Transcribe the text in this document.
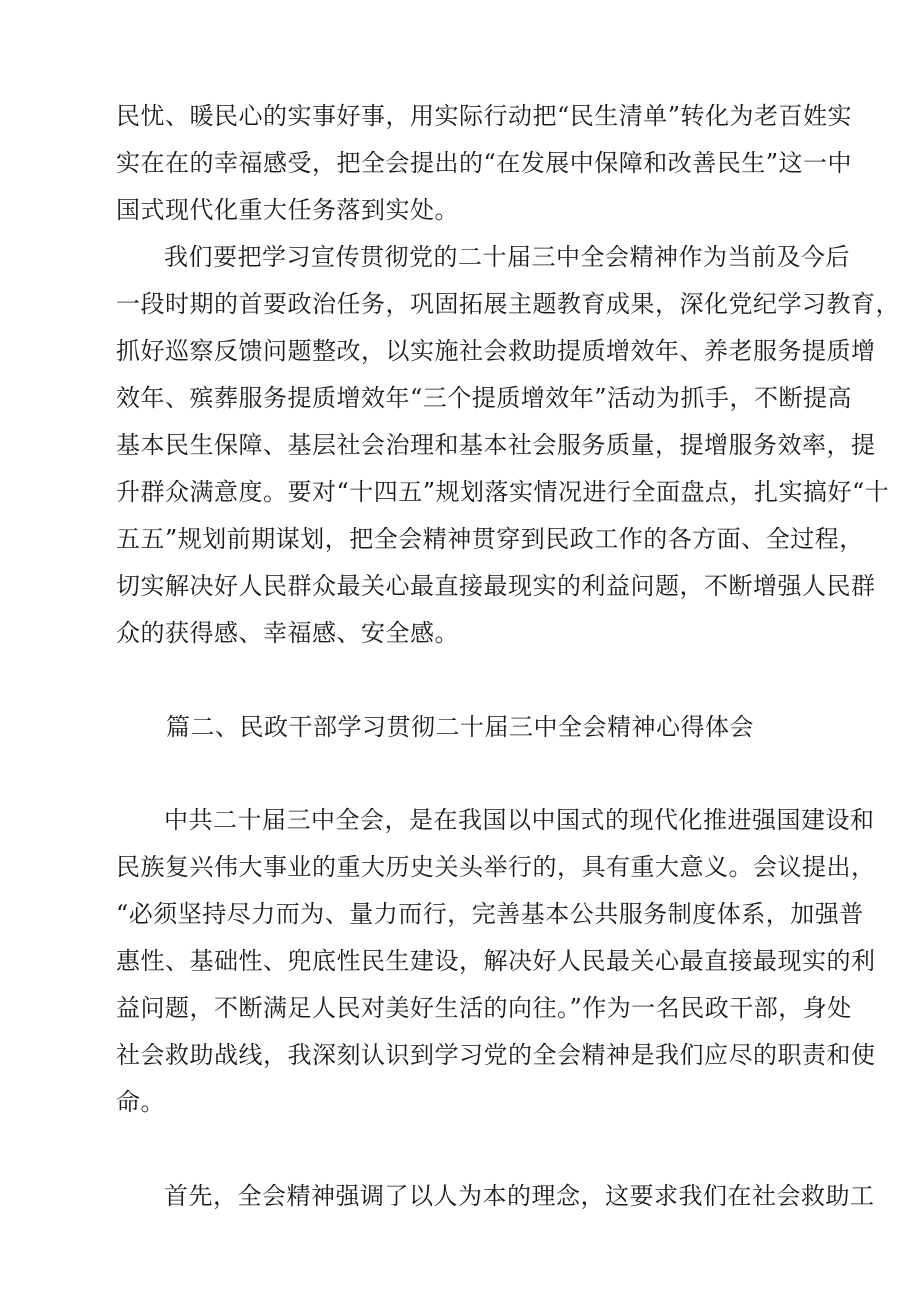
民忧、暖民心的实事好事，用实际行动把“民生清单”转化为老百姓实
实在在的幸福感受，把全会提出的“在发展中保障和改善民生”这一中
国式现代化重大任务落到实处。
我们要把学习宣传贯彻党的二十届三中全会精神作为当前及今后
一段时期的首要政治任务，巩固拓展主题教育成果，深化党纪学习教育，
抓好巡察反馈问题整改，以实施社会救助提质增效年、养老服务提质增
效年、殡葬服务提质增效年“三个提质增效年”活动为抓手，不断提高
基本民生保障、基层社会治理和基本社会服务质量，提增服务效率，提
升群众满意度。要对“十四五”规划落实情况进行全面盘点，扎实搞好“十
五五”规划前期谋划，把全会精神贯穿到民政工作的各方面、全过程，
切实解决好人民群众最关心最直接最现实的利益问题，不断增强人民群
众的获得感、幸福感、安全感。
篇二、民政干部学习贯彻二十届三中全会精神心得体会
中共二十届三中全会，是在我国以中国式的现代化推进强国建设和
民族复兴伟大事业的重大历史关头举行的，具有重大意义。会议提出，
“必须坚持尽力而为、量力而行，完善基本公共服务制度体系，加强普
惠性、基础性、兜底性民生建设，解决好人民最关心最直接最现实的利
益问题，不断满足人民对美好生活的向往。”作为一名民政干部，身处
社会救助战线，我深刻认识到学习党的全会精神是我们应尽的职责和使
命。
首先，全会精神强调了以人为本的理念，这要求我们在社会救助工
